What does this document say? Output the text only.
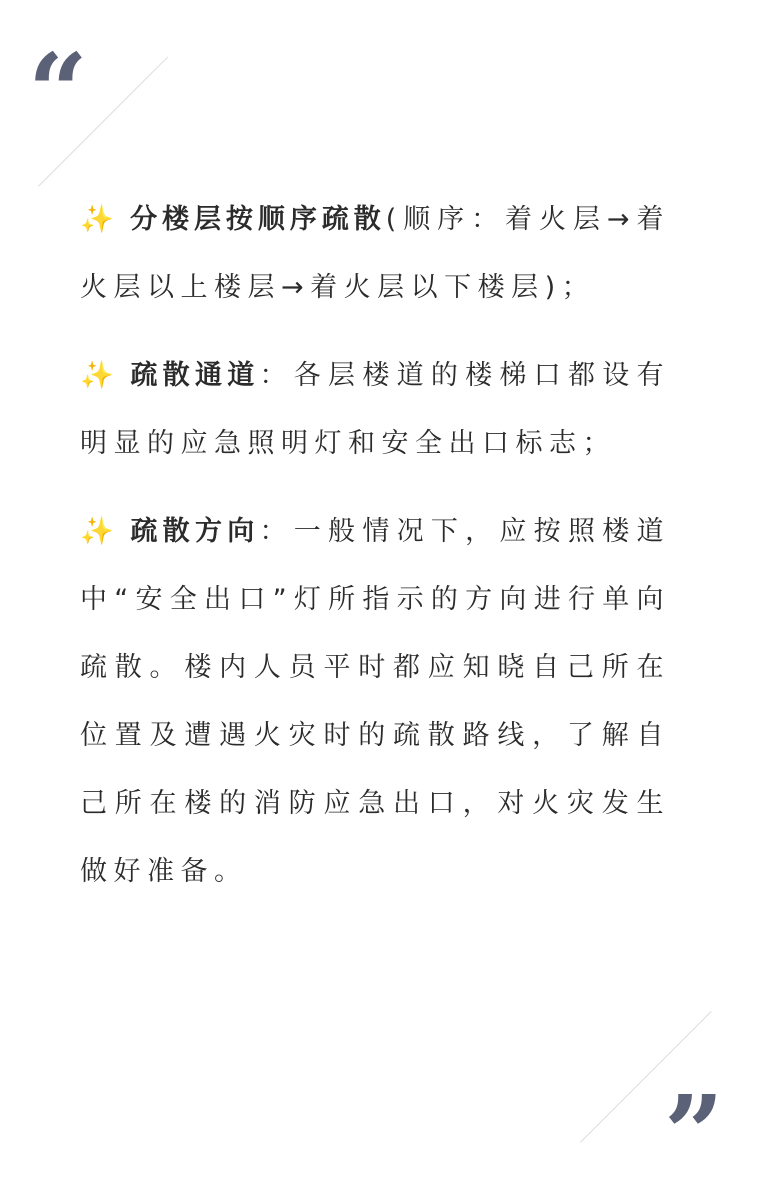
“

✨ 分楼层按顺序疏散(顺序：着火层→着火层以上楼层→着火层以下楼层)；

✨ 疏散通道：各层楼道的楼梯口都设有明显的应急照明灯和安全出口标志；

✨ 疏散方向：一般情况下，应按照楼道中“安全出口”灯所指示的方向进行单向疏散。楼内人员平时都应知晓自己所在位置及遭遇火灾时的疏散路线，了解自己所在楼的消防应急出口，对火灾发生做好准备。

”
